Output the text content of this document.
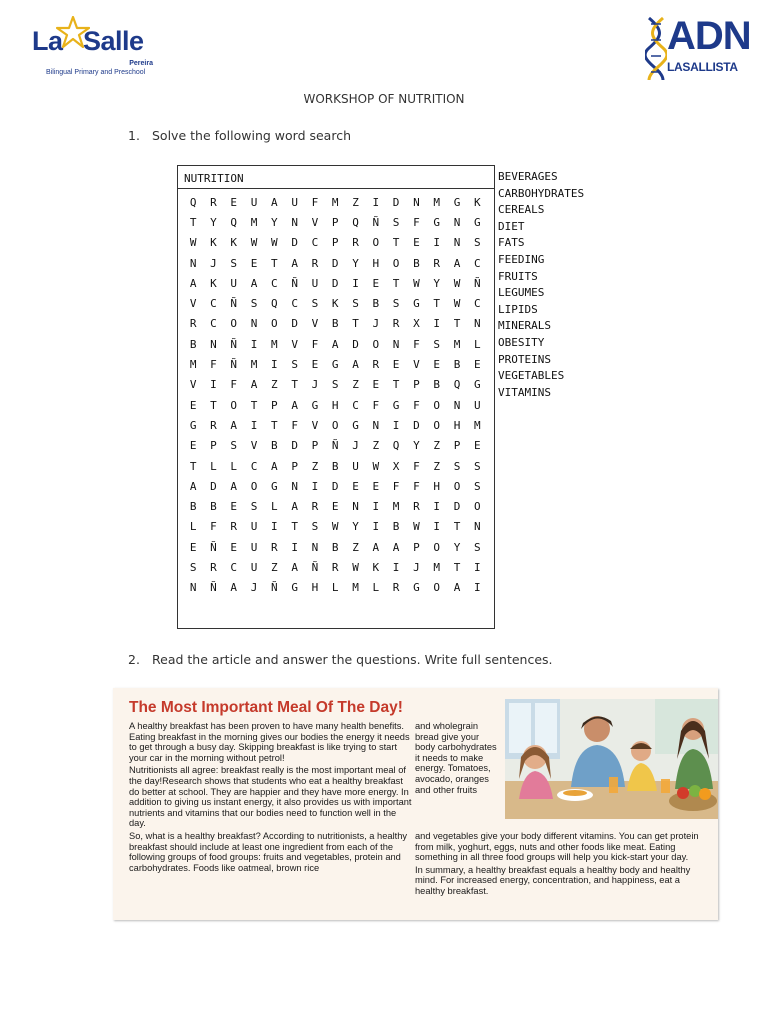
La Salle
Pereira
Bilingual Primary and Preschool
ADN
LASALLISTA
WORKSHOP OF NUTRITION
1. Solve the following word search
NUTRITION
Q	R	E	U	A	U	F	M	Z	I	D	N	M	G	K
T	Y	Q	M	Y	N	V	P	Q	Ñ	S	F	G	N	G
W	K	K	W	W	D	C	P	R	O	T	E	I	N	S
N	J	S	E	T	A	R	D	Y	H	O	B	R	A	C
A	K	U	A	C	Ñ	U	D	I	E	T	W	Y	W	Ñ
V	C	Ñ	S	Q	C	S	K	S	B	S	G	T	W	C
R	C	O	N	O	D	V	B	T	J	R	X	I	T	N
B	N	Ñ	I	M	V	F	A	D	O	N	F	S	M	L
M	F	Ñ	M	I	S	E	G	A	R	E	V	E	B	E
V	I	F	A	Z	T	J	S	Z	E	T	P	B	Q	G
E	T	O	T	P	A	G	H	C	F	G	F	O	N	U
G	R	A	I	T	F	V	O	G	N	I	D	O	H	M
E	P	S	V	B	D	P	Ñ	J	Z	Q	Y	Z	P	E
T	L	L	C	A	P	Z	B	U	W	X	F	Z	S	S
A	D	A	O	G	N	I	D	E	E	F	F	H	O	S
B	B	E	S	L	A	R	E	N	I	M	R	I	D	O
L	F	R	U	I	T	S	W	Y	I	B	W	I	T	N
E	Ñ	E	U	R	I	N	B	Z	A	A	P	O	Y	S
S	R	C	U	Z	A	Ñ	R	W	K	I	J	M	T	I
N	Ñ	A	J	Ñ	G	H	L	M	L	R	G	O	A	I
BEVERAGES
CARBOHYDRATES
CEREALS
DIET
FATS
FEEDING
FRUITS
LEGUMES
LIPIDS
MINERALS
OBESITY
PROTEINS
VEGETABLES
VITAMINS
2. Read the article and answer the questions. Write full sentences.
The Most Important Meal Of The Day!

A healthy breakfast has been proven to have many health benefits. Eating breakfast in the morning gives our bodies the energy it needs to get through a busy day. Skipping breakfast is like trying to start your car in the morning without petrol!

Nutritionists all agree: breakfast really is the most important meal of the day!Research shows that students who eat a healthy breakfast do better at school. They are happier and they have more energy. In addition to giving us instant energy, it also provides us with important nutrients and vitamins that our bodies need to function well in the day.

So, what is a healthy breakfast? According to nutritionists, a healthy breakfast should include at least one ingredient from each of the following groups of food groups: fruits and vegetables, protein and carbohydrates. Foods like oatmeal, brown rice

and wholegrain bread give your body carbohydrates it needs to make energy. Tomatoes, avocado, oranges and other fruits

and vegetables give your body different vitamins. You can get protein from milk, yoghurt, eggs, nuts and other foods like meat. Eating something in all three food groups will help you kick-start your day.

In summary, a healthy breakfast equals a healthy body and healthy mind. For increased energy, concentration, and happiness, eat a healthy breakfast.
